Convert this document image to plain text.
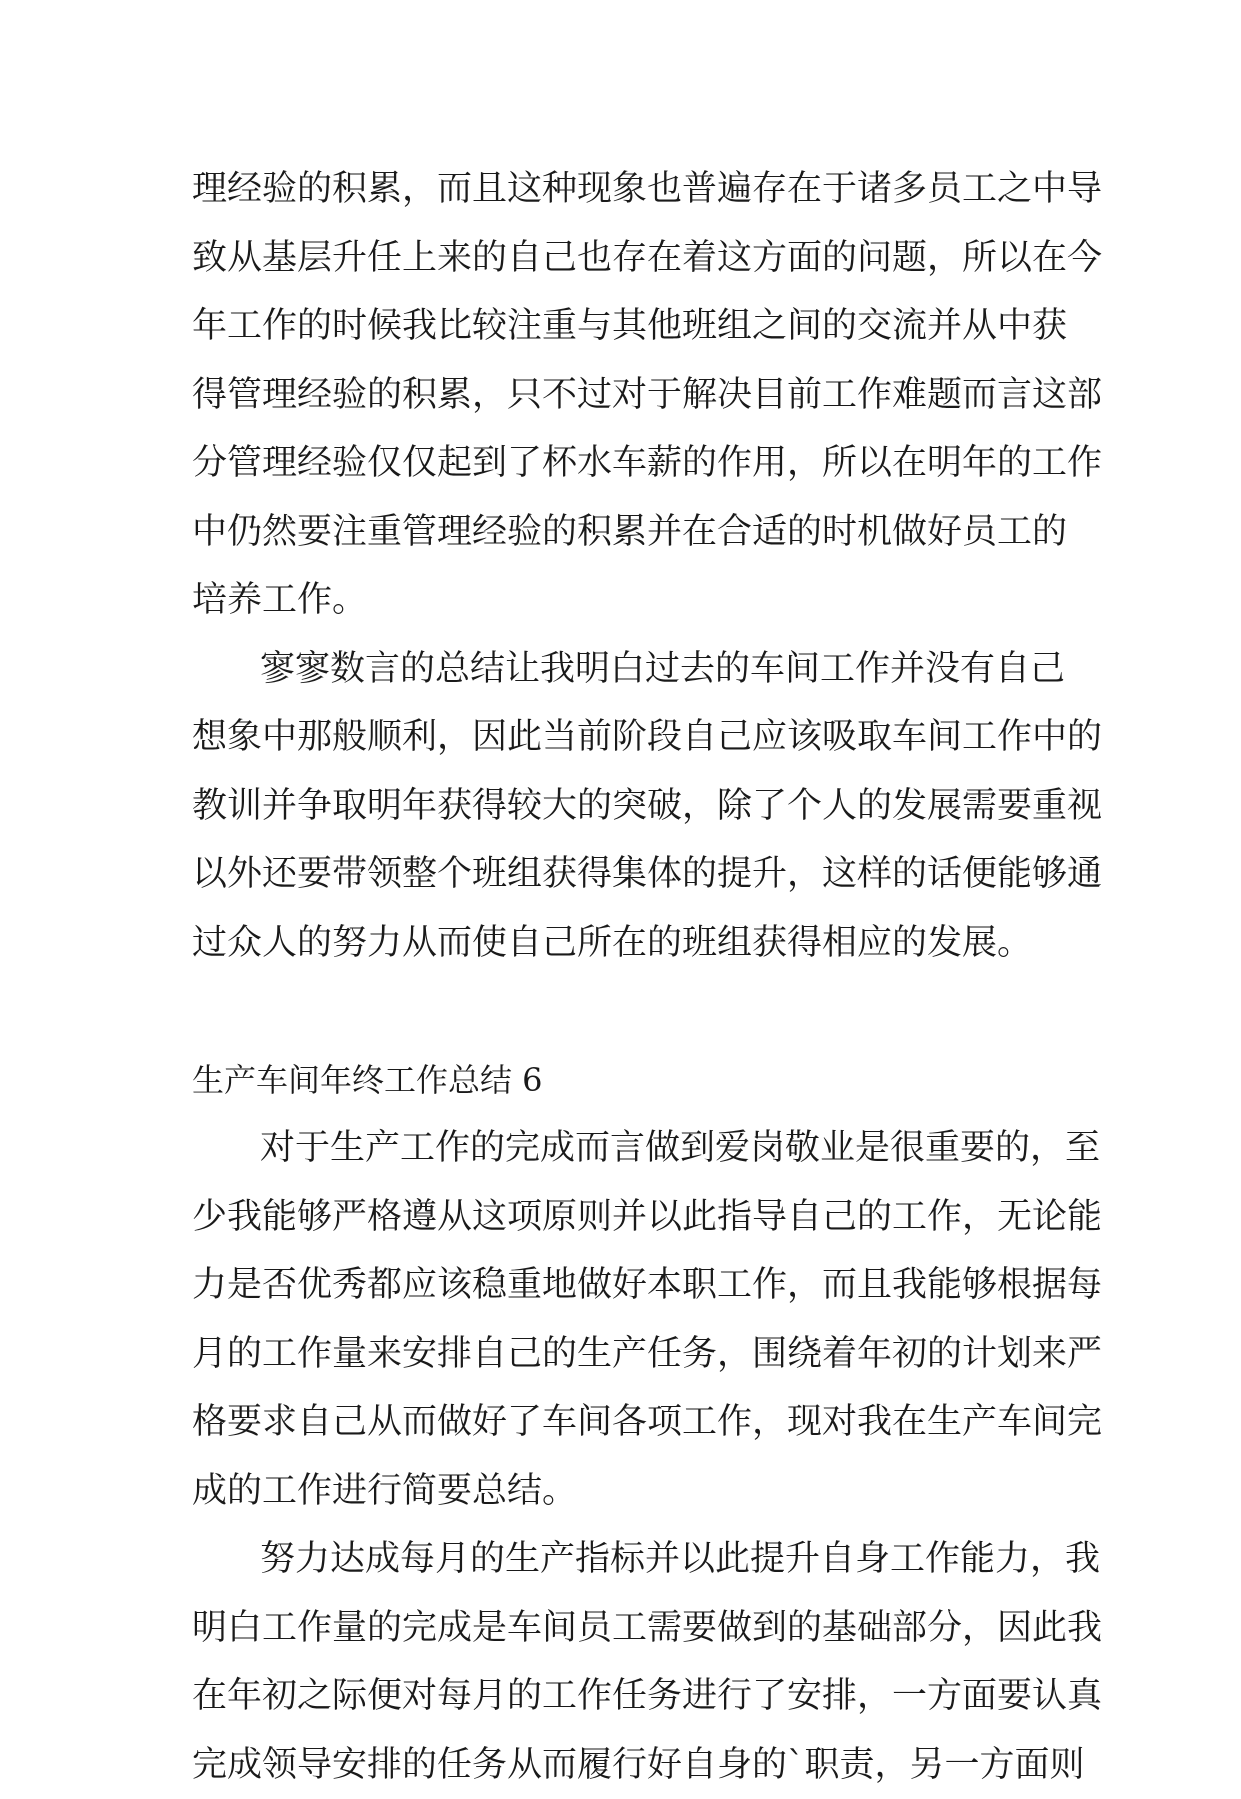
理经验的积累，而且这种现象也普遍存在于诸多员工之中导
致从基层升任上来的自己也存在着这方面的问题，所以在今
年工作的时候我比较注重与其他班组之间的交流并从中获
得管理经验的积累，只不过对于解决目前工作难题而言这部
分管理经验仅仅起到了杯水车薪的作用，所以在明年的工作
中仍然要注重管理经验的积累并在合适的时机做好员工的
培养工作。
寥寥数言的总结让我明白过去的车间工作并没有自己
想象中那般顺利，因此当前阶段自己应该吸取车间工作中的
教训并争取明年获得较大的突破，除了个人的发展需要重视
以外还要带领整个班组获得集体的提升，这样的话便能够通
过众人的努力从而使自己所在的班组获得相应的发展。
生产车间年终工作总结 6
对于生产工作的完成而言做到爱岗敬业是很重要的，至
少我能够严格遵从这项原则并以此指导自己的工作，无论能
力是否优秀都应该稳重地做好本职工作，而且我能够根据每
月的工作量来安排自己的生产任务，围绕着年初的计划来严
格要求自己从而做好了车间各项工作，现对我在生产车间完
成的工作进行简要总结。
努力达成每月的生产指标并以此提升自身工作能力，我
明白工作量的完成是车间员工需要做到的基础部分，因此我
在年初之际便对每月的工作任务进行了安排，一方面要认真
完成领导安排的任务从而履行好自身的`职责，另一方面则
